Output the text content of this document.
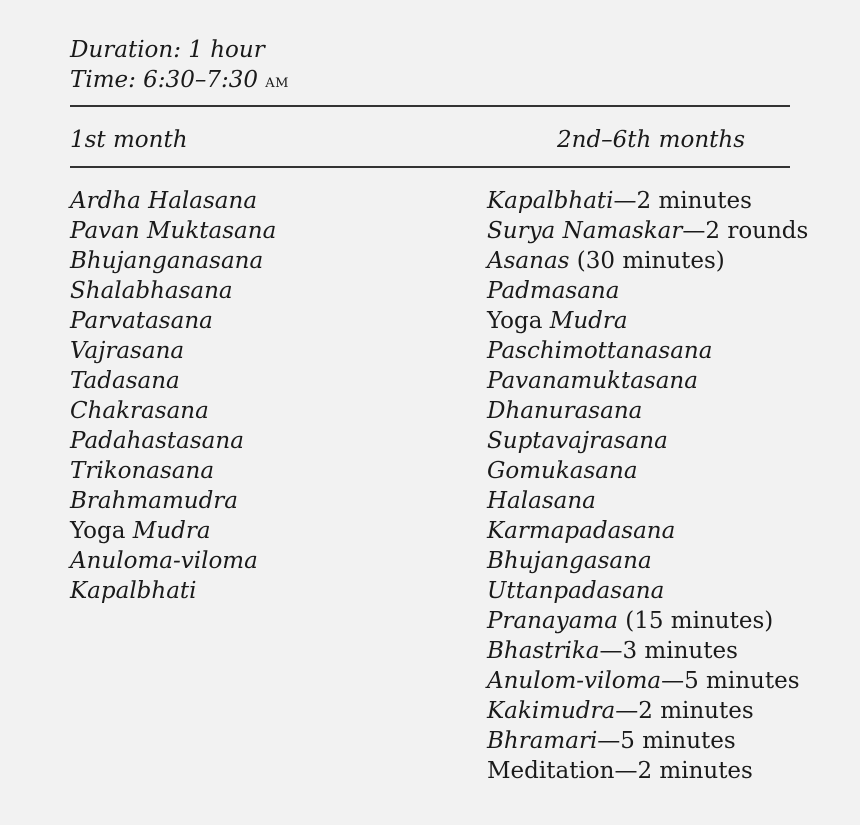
Duration: 1 hour
Time: 6:30–7:30 am
1st month	2nd–6th months
Ardha Halasana
Pavan Muktasana
Bhujanganasana
Shalabhasana
Parvatasana
Vajrasana
Tadasana
Chakrasana
Padahastasana
Trikonasana
Brahmamudra
Yoga Mudra
Anuloma-viloma
Kapalbhati
Kapalbhati—2 minutes
Surya Namaskar—2 rounds
Asanas (30 minutes)
Padmasana
Yoga Mudra
Paschimottanasana
Pavanamuktasana
Dhanurasana
Suptavajrasana
Gomukasana
Halasana
Karmapadasana
Bhujangasana
Uttanpadasana
Pranayama (15 minutes)
Bhastrika—3 minutes
Anulom-viloma—5 minutes
Kakimudra—2 minutes
Bhramari—5 minutes
Meditation—2 minutes
